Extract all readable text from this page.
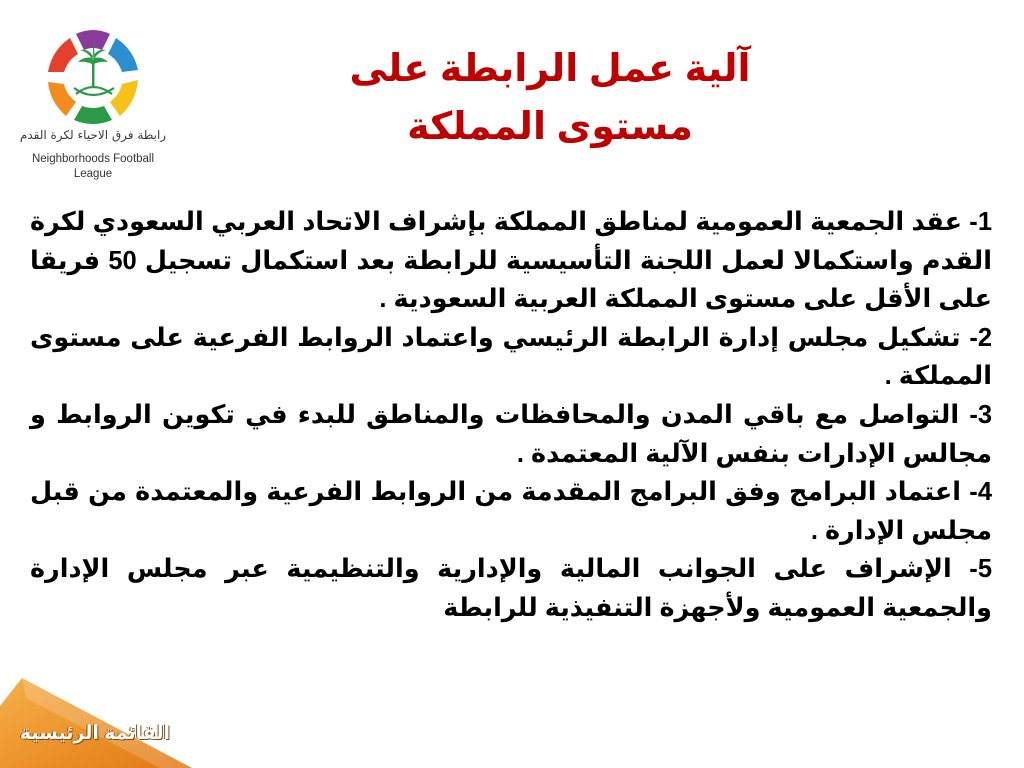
رابطة فرق الاحياء لكرة القدم
Neighborhoods Football
League
آلية عمل الرابطة على
مستوى المملكة

1- عقد الجمعية العمومية لمناطق المملكة بإشراف الاتحاد العربي السعودي لكرة القدم واستكمالا لعمل اللجنة التأسيسية للرابطة بعد استكمال تسجيل 50 فريقا على الأقل على مستوى المملكة العربية السعودية .

2- تشكيل مجلس إدارة الرابطة الرئيسي واعتماد الروابط الفرعية على مستوى المملكة .

3- التواصل مع باقي المدن والمحافظات والمناطق للبدء في تكوين الروابط و مجالس الإدارات بنفس الآلية المعتمدة .

4- اعتماد البرامج وفق البرامج المقدمة من الروابط الفرعية والمعتمدة من قبل مجلس الإدارة .

5- الإشراف على الجوانب المالية والإدارية والتنظيمية عبر مجلس الإدارة والجمعية العمومية ولأجهزة التنفيذية للرابطة

القائمة الرئيسية
